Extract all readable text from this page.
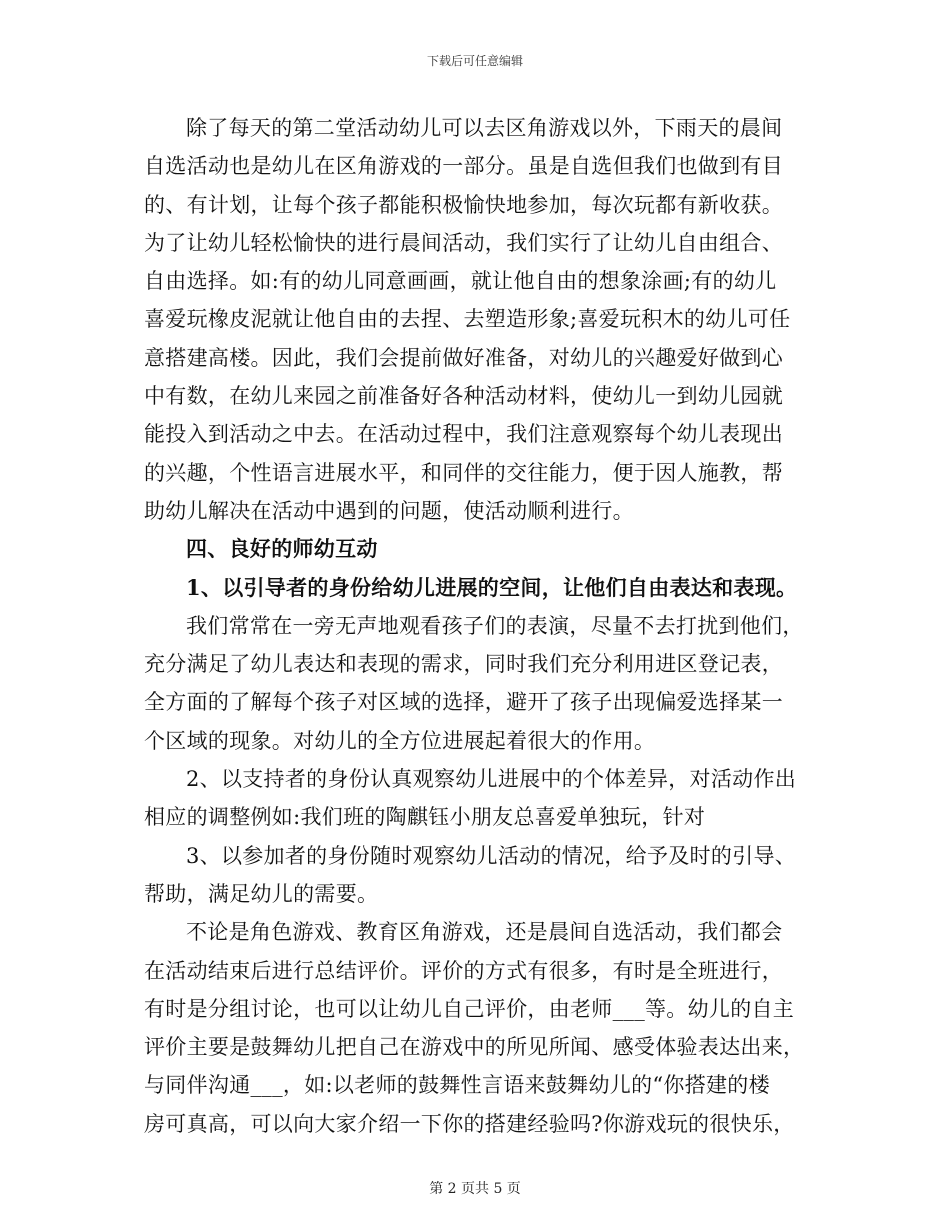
下载后可任意编辑
除了每天的第二堂活动幼儿可以去区角游戏以外，下雨天的晨间
自选活动也是幼儿在区角游戏的一部分。虽是自选但我们也做到有目
的、有计划，让每个孩子都能积极愉快地参加，每次玩都有新收获。
为了让幼儿轻松愉快的进行晨间活动，我们实行了让幼儿自由组合、
自由选择。如:有的幼儿同意画画，就让他自由的想象涂画;有的幼儿
喜爱玩橡皮泥就让他自由的去捏、去塑造形象;喜爱玩积木的幼儿可任
意搭建高楼。因此，我们会提前做好准备，对幼儿的兴趣爱好做到心
中有数，在幼儿来园之前准备好各种活动材料，使幼儿一到幼儿园就
能投入到活动之中去。在活动过程中，我们注意观察每个幼儿表现出
的兴趣，个性语言进展水平，和同伴的交往能力，便于因人施教，帮
助幼儿解决在活动中遇到的问题，使活动顺利进行。
四、良好的师幼互动
1、以引导者的身份给幼儿进展的空间，让他们自由表达和表现。
我们常常在一旁无声地观看孩子们的表演，尽量不去打扰到他们，
充分满足了幼儿表达和表现的需求，同时我们充分利用进区登记表，
全方面的了解每个孩子对区域的选择，避开了孩子出现偏爱选择某一
个区域的现象。对幼儿的全方位进展起着很大的作用。
2、以支持者的身份认真观察幼儿进展中的个体差异，对活动作出
相应的调整例如:我们班的陶麒钰小朋友总喜爱单独玩，针对
3、以参加者的身份随时观察幼儿活动的情况，给予及时的引导、
帮助，满足幼儿的需要。
不论是角色游戏、教育区角游戏，还是晨间自选活动，我们都会
在活动结束后进行总结评价。评价的方式有很多，有时是全班进行，
有时是分组讨论，也可以让幼儿自己评价，由老师___等。幼儿的自主
评价主要是鼓舞幼儿把自己在游戏中的所见所闻、感受体验表达出来，
与同伴沟通___，如:以老师的鼓舞性言语来鼓舞幼儿的“你搭建的楼
房可真高，可以向大家介绍一下你的搭建经验吗?你游戏玩的很快乐，
第 2 页共 5 页
